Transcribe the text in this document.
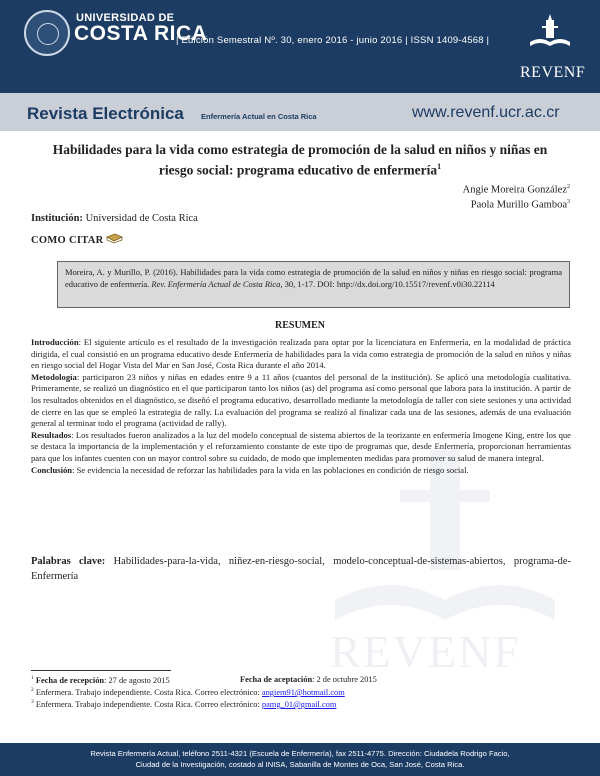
UNIVERSIDAD DE
COSTA RICA
| Edición Semestral Nº. 30, enero 2016 - junio 2016 | ISSN 1409-4568 |
REVENF
Revista Electrónica Enfermería Actual en Costa Rica	www.revenf.ucr.ac.cr
REVENF
Habilidades para la vida como estrategia de promoción de la salud en niños y niñas en riesgo social: programa educativo de enfermería$^1$
Angie Moreira González$^2$
Paola Murillo Gamboa$^3$
Institución: Universidad de Costa Rica
COMO CITAR
Moreira, A. y Murillo, P. (2016). Habilidades para la vida como estrategia de promoción de la salud en niños y niñas en riesgo social: programa educativo de enfermería. Rev. Enfermería Actual de Costa Rica, 30, 1-17. DOI: http://dx.doi.org/10.15517/revenf.v0i30.22114
RESUMEN

Introducción: El siguiente artículo es el resultado de la investigación realizada para optar por la licenciatura en Enfermería, en la modalidad de práctica dirigida, el cual consistió en un programa educativo desde Enfermería de habilidades para la vida como estrategia de promoción de la salud en niños y niñas en riesgo social del Hogar Vista del Mar en San José, Costa Rica durante el año 2014.

Metodología: participaron 23 niños y niñas en edades entre 9 a 11 años (cuantos del personal de la institución). Se aplicó una metodología cualitativa. Primeramente, se realizó un diagnóstico en el que participaron tanto los niños (as) del programa así como personal que labora para la institución. A partir de los resultados obtenidos en el diagnóstico, se diseñó el programa educativo, desarrollado mediante la metodología de taller con siete sesiones y una actividad de cierre en las que se empleó la estrategia de rally. La evaluación del programa se realizó al finalizar cada una de las sesiones, además de una evaluación general al terminar todo el programa (actividad de rally).

Resultados: Los resultados fueron analizados a la luz del modelo conceptual de sistema abiertos de la teorizante en enfermería Imogene King, entre los que se destaca la importancia de la implementación y el reforzamiento constante de este tipo de programas que, desde Enfermería, proporcionan herramientas para que los infantes cuenten con un mayor control sobre su cuidado, de modo que implementen medidas para promover su salud de manera integral.

Conclusión: Se evidencia la necesidad de reforzar las habilidades para la vida en las poblaciones en condición de riesgo social.

Palabras clave: Habilidades-para-la-vida, niñez-en-riesgo-social, modelo-conceptual-de-sistemas-abiertos, programa-de-Enfermería
$^1$ Fecha de recepción: 27 de agosto 2015	Fecha de aceptación: 2 de octubre 2015
$^2$ Enfermera. Trabajo independiente. Costa Rica. Correo electrónico: angiem91@hotmail.com
$^3$ Enfermera. Trabajo independiente. Costa Rica. Correo electrónico: pamg_01@gmail.com
Revista Enfermería Actual, teléfono 2511-4321 (Escuela de Enfermería), fax 2511-4775. Dirección: Ciudadela Rodrigo Facio,
Ciudad de la Investigación, costado al INISA, Sabanilla de Montes de Oca, San José, Costa Rica.
